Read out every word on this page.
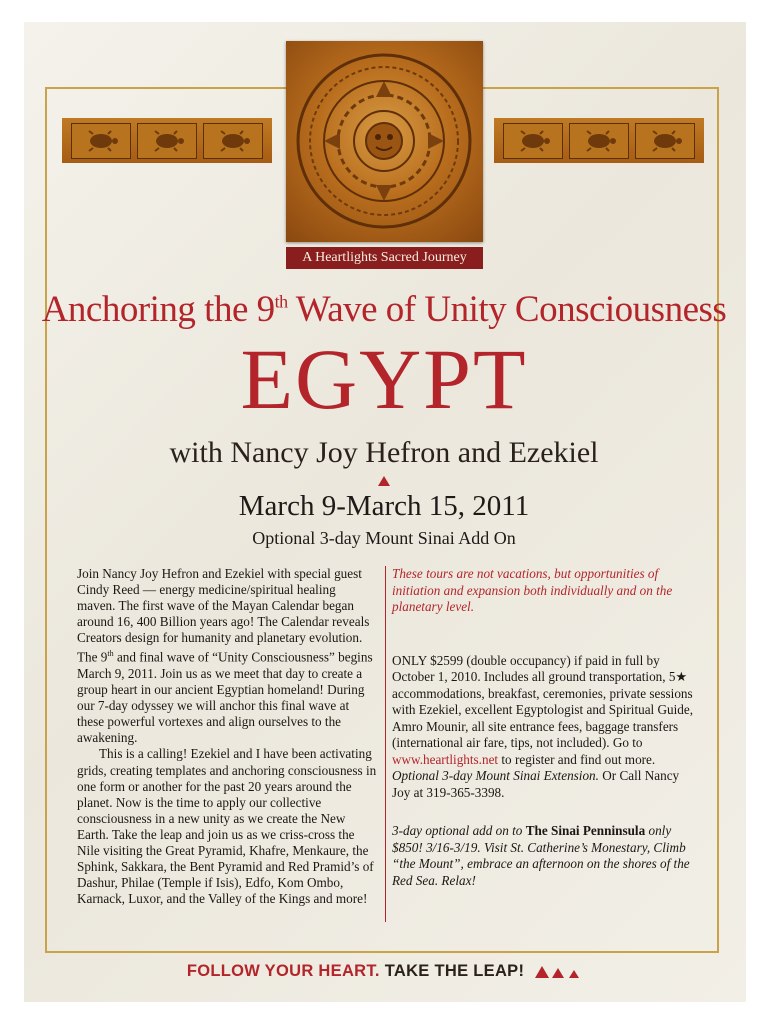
A Heartlights Sacred Journey
Anchoring the 9th Wave of Unity Consciousness
EGYPT
with Nancy Joy Hefron and Ezekiel
March 9-March 15, 2011
Optional 3-day Mount Sinai Add On

Join Nancy Joy Hefron and Ezekiel with special guest Cindy Reed — energy medicine/spiritual healing maven. The first wave of the Mayan Calendar began around 16, 400 Billion years ago! The Calendar reveals Creators design for humanity and planetary evolution. The 9th and final wave of “Unity Consciousness” begins March 9, 2011. Join us as we meet that day to create a group heart in our ancient Egyptian homeland! During our 7-day odyssey we will anchor this final wave at these powerful vortexes and align ourselves to the awakening.

This is a calling! Ezekiel and I have been activating grids, creating templates and anchoring consciousness in one form or another for the past 20 years around the planet. Now is the time to apply our collective consciousness in a new unity as we create the New Earth. Take the leap and join us as we criss-cross the Nile visiting the Great Pyramid, Khafre, Menkaure, the Sphink, Sakkara, the Bent Pyramid and Red Pramid’s of Dashur, Philae (Temple if Isis), Edfo, Kom Ombo, Karnack, Luxor, and the Valley of the Kings and more!

These tours are not vacations, but opportunities of initiation and expansion both individually and on the planetary level.

ONLY $2599 (double occupancy) if paid in full by October 1, 2010. Includes all ground transportation, 5★ accommodations, breakfast, ceremonies, private sessions with Ezekiel, excellent Egyptologist and Spiritual Guide, Amro Mounir, all site entrance fees, baggage transfers (international air fare, tips, not included). Go to www.heartlights.net to register and find out more. Optional 3-day Mount Sinai Extension. Or Call Nancy Joy at 319-365-3398.

3-day optional add on to The Sinai Penninsula only $850! 3/16-3/19. Visit St. Catherine’s Monestary, Climb “the Mount”, embrace an afternoon on the shores of the Red Sea. Relax!

FOLLOW YOUR HEART. TAKE THE LEAP!
